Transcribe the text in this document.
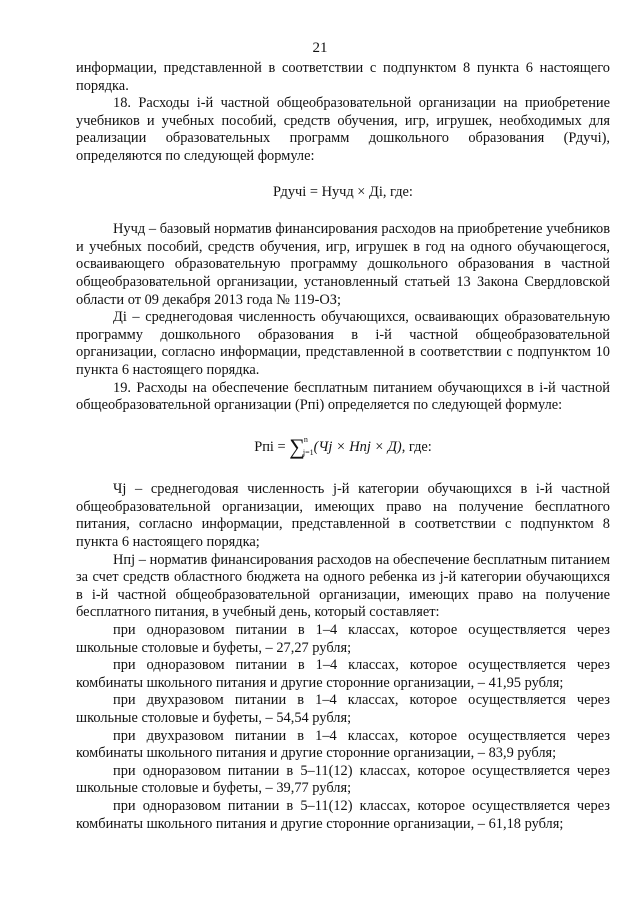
21

информации, представленной в соответствии с подпунктом 8 пункта 6 настоящего порядка.

18. Расходы i-й частной общеобразовательной организации на приобретение учебников и учебных пособий, средств обучения, игр, игрушек, необходимых для реализации образовательных программ дошкольного образования (Рдучi), определяются по следующей формуле:

Рдучi = Нучд × Дi, где:

Нучд – базовый норматив финансирования расходов на приобретение учебников и учебных пособий, средств обучения, игр, игрушек в год на одного обучающегося, осваивающего образовательную программу дошкольного образования в частной общеобразовательной организации, установленный статьей 13 Закона Свердловской области от 09 декабря 2013 года № 119-ОЗ;

Дi – среднегодовая численность обучающихся, осваивающих образовательную программу дошкольного образования в i-й частной общеобразовательной организации, согласно информации, представленной в соответствии с подпунктом 10 пункта 6 настоящего порядка.

19. Расходы на обеспечение бесплатным питанием обучающихся в i-й частной общеобразовательной организации (Рпi) определяется по следующей формуле:

Рпi = ∑$^n_{j=1}$(Чj × Нпj × Д), где:

Чj – среднегодовая численность j-й категории обучающихся в i-й частной общеобразовательной организации, имеющих право на получение бесплатного питания, согласно информации, представленной в соответствии с подпунктом 8 пункта 6 настоящего порядка;

Нпj – норматив финансирования расходов на обеспечение бесплатным питанием за счет средств областного бюджета на одного ребенка из j-й категории обучающихся в i-й частной общеобразовательной организации, имеющих право на получение бесплатного питания, в учебный день, который составляет:

при одноразовом питании в 1–4 классах, которое осуществляется через школьные столовые и буфеты, – 27,27 рубля;

при одноразовом питании в 1–4 классах, которое осуществляется через комбинаты школьного питания и другие сторонние организации, – 41,95 рубля;

при двухразовом питании в 1–4 классах, которое осуществляется через школьные столовые и буфеты, – 54,54 рубля;

при двухразовом питании в 1–4 классах, которое осуществляется через комбинаты школьного питания и другие сторонние организации, – 83,9 рубля;

при одноразовом питании в 5–11(12) классах, которое осуществляется через школьные столовые и буфеты, – 39,77 рубля;

при одноразовом питании в 5–11(12) классах, которое осуществляется через комбинаты школьного питания и другие сторонние организации, – 61,18 рубля;
